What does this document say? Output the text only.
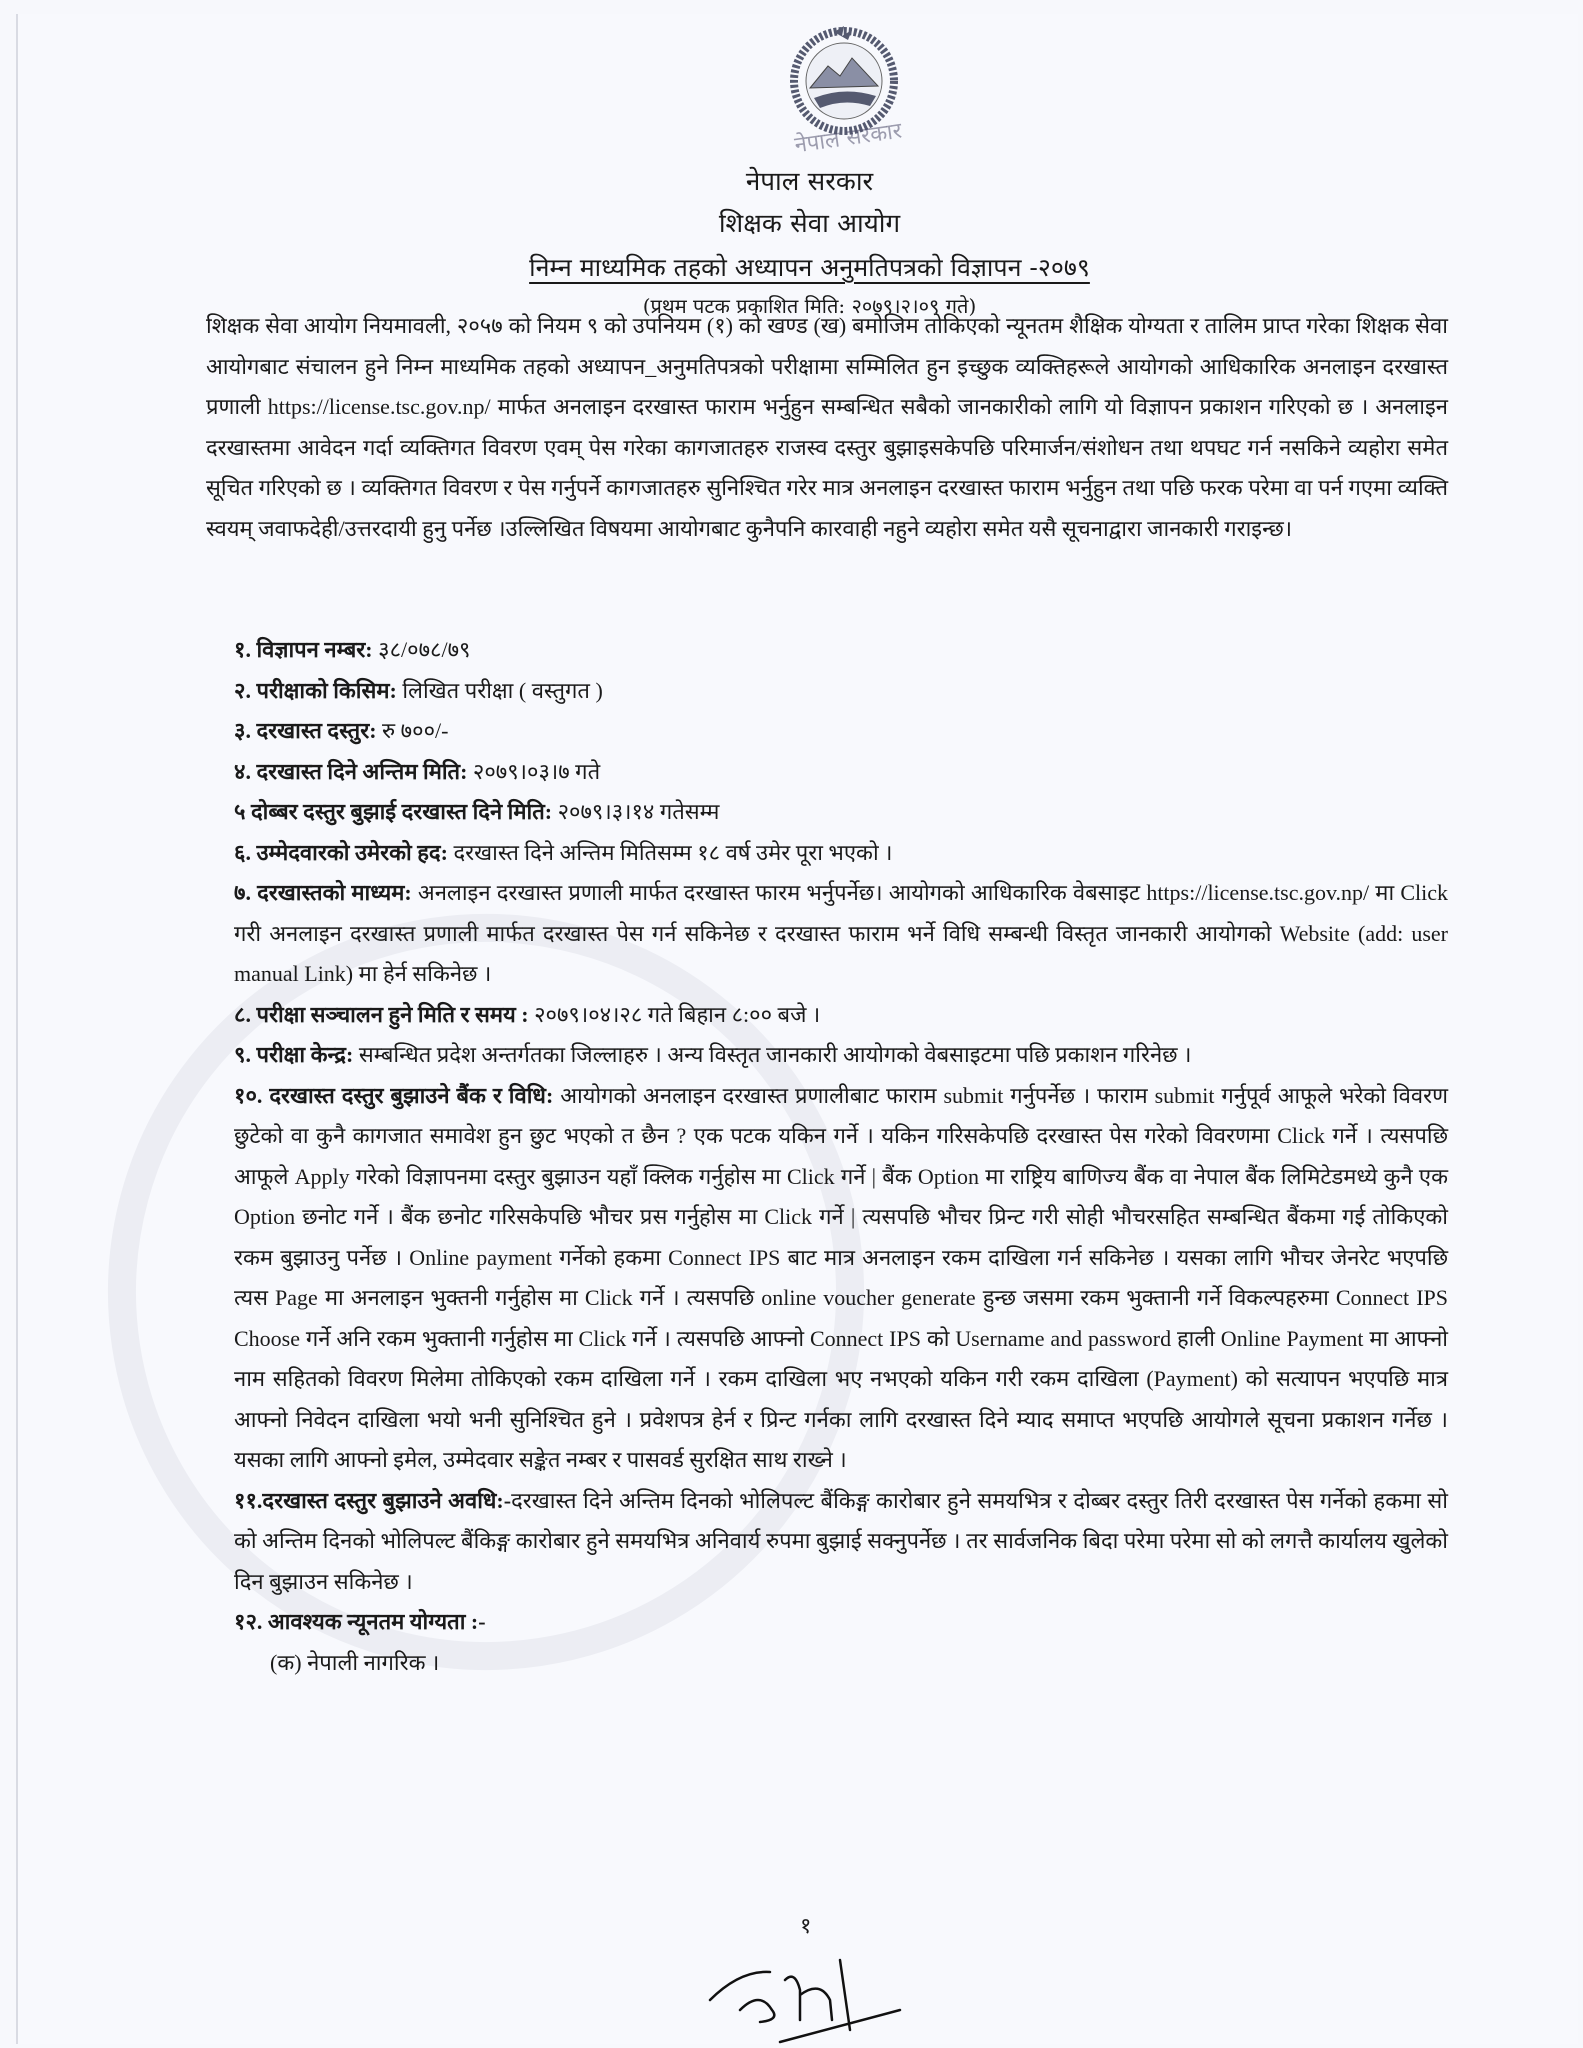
नेपाल सरकार
नेपाल सरकार
शिक्षक सेवा आयोग
निम्न माध्यमिक तहको अध्यापन अनुमतिपत्रको विज्ञापन -२०७९
(प्रथम पटक प्रकाशित मिति: २०७९।२।०९ गते)
शिक्षक सेवा आयोग नियमावली, २०५७ को नियम ९ को उपनियम (१) को खण्ड (ख) बमोजिम तोकिएको न्यूनतम शैक्षिक योग्यता र तालिम प्राप्त गरेका शिक्षक सेवा आयोगबाट संचालन हुने निम्न माध्यमिक तहको अध्यापन_अनुमतिपत्रको परीक्षामा सम्मिलित हुन इच्छुक व्यक्तिहरूले आयोगको आधिकारिक अनलाइन दरखास्त प्रणाली https://license.tsc.gov.np/ मार्फत अनलाइन दरखास्त फाराम भर्नुहुन सम्बन्धित सबैको जानकारीको लागि यो विज्ञापन प्रकाशन गरिएको छ । अनलाइन दरखास्तमा आवेदन गर्दा व्यक्तिगत विवरण एवम् पेस गरेका कागजातहरु राजस्व दस्तुर बुझाइसकेपछि परिमार्जन/संशोधन तथा थपघट गर्न नसकिने व्यहोरा समेत सूचित गरिएको छ । व्यक्तिगत विवरण र पेस गर्नुपर्ने कागजातहरु सुनिश्चित गरेर मात्र अनलाइन दरखास्त फाराम भर्नुहुन तथा पछि फरक परेमा वा पर्न गएमा व्यक्ति स्वयम् जवाफदेही/उत्तरदायी हुनु पर्नेछ ।उल्लिखित विषयमा आयोगबाट कुनैपनि कारवाही नहुने व्यहोरा समेत यसै सूचनाद्वारा जानकारी गराइन्छ।
१. विज्ञापन नम्बर: ३८/०७८/७९
२. परीक्षाको किसिम: लिखित परीक्षा ( वस्तुगत )
३. दरखास्त दस्तुर: रु ७००/-
४. दरखास्त दिने अन्तिम मिति: २०७९।०३।७ गते
५ दोब्बर दस्तुर बुझाई दरखास्त दिने मिति: २०७९।३।१४ गतेसम्म
६. उम्मेदवारको उमेरको हद: दरखास्त दिने अन्तिम मितिसम्म १८ वर्ष उमेर पूरा भएको ।
७. दरखास्तको माध्यम: अनलाइन दरखास्त प्रणाली मार्फत दरखास्त फारम भर्नुपर्नेछ। आयोगको आधिकारिक वेबसाइट https://license.tsc.gov.np/ मा Click गरी अनलाइन दरखास्त प्रणाली मार्फत दरखास्त पेस गर्न सकिनेछ र दरखास्त फाराम भर्ने विधि सम्बन्धी विस्तृत जानकारी आयोगको Website (add: user manual Link) मा हेर्न सकिनेछ ।
८. परीक्षा सञ्चालन हुने मिति र समय : २०७९।०४।२८ गते बिहान ८:०० बजे ।
९. परीक्षा केन्द्र: सम्बन्धित प्रदेश अन्तर्गतका जिल्लाहरु । अन्य विस्तृत जानकारी आयोगको वेबसाइटमा पछि प्रकाशन गरिनेछ ।
१०. दरखास्त दस्तुर बुझाउने बैंक र विधि: आयोगको अनलाइन दरखास्त प्रणालीबाट फाराम submit गर्नुपर्नेछ । फाराम submit गर्नुपूर्व आफूले भरेको विवरण छुटेको वा कुनै कागजात समावेश हुन छुट भएको त छैन ? एक पटक यकिन गर्ने । यकिन गरिसकेपछि दरखास्त पेस गरेको विवरणमा Click गर्ने । त्यसपछि आफूले Apply गरेको विज्ञापनमा दस्तुर बुझाउन यहाँ क्लिक गर्नुहोस मा Click गर्ने | बैंक Option मा राष्ट्रिय बाणिज्य बैंक वा नेपाल बैंक लिमिटेडमध्ये कुनै एक Option छनोट गर्ने । बैंक छनोट गरिसकेपछि भौचर प्रस गर्नुहोस मा Click गर्ने | त्यसपछि भौचर प्रिन्ट गरी सोही भौचरसहित सम्बन्धित बैंकमा गई तोकिएको रकम बुझाउनु पर्नेछ । Online payment गर्नेको हकमा Connect IPS बाट मात्र अनलाइन रकम दाखिला गर्न सकिनेछ । यसका लागि भौचर जेनरेट भएपछि त्यस Page मा अनलाइन भुक्तनी गर्नुहोस मा Click गर्ने । त्यसपछि online voucher generate हुन्छ जसमा रकम भुक्तानी गर्ने विकल्पहरुमा Connect IPS Choose गर्ने अनि रकम भुक्तानी गर्नुहोस मा Click गर्ने । त्यसपछि आफ्नो Connect IPS को Username and password हाली Online Payment मा आफ्नो नाम सहितको विवरण मिलेमा तोकिएको रकम दाखिला गर्ने । रकम दाखिला भए नभएको यकिन गरी रकम दाखिला (Payment) को सत्यापन भएपछि मात्र आफ्नो निवेदन दाखिला भयो भनी सुनिश्चित हुने । प्रवेशपत्र हेर्न र प्रिन्ट गर्नका लागि दरखास्त दिने म्याद समाप्त भएपछि आयोगले सूचना प्रकाशन गर्नेछ । यसका लागि आफ्नो इमेल, उम्मेदवार सङ्केत नम्बर र पासवर्ड सुरक्षित साथ राख्ने ।
११.दरखास्त दस्तुर बुझाउने अवधि:-दरखास्त दिने अन्तिम दिनको भोलिपल्ट बैंकिङ्ग कारोबार हुने समयभित्र र दोब्बर दस्तुर तिरी दरखास्त पेस गर्नेको हकमा सो को अन्तिम दिनको भोलिपल्ट बैंकिङ्ग कारोबार हुने समयभित्र अनिवार्य रुपमा बुझाई सक्नुपर्नेछ । तर सार्वजनिक बिदा परेमा परेमा सो को लगत्तै कार्यालय खुलेको दिन बुझाउन सकिनेछ ।
१२. आवश्यक न्यूनतम योग्यता :-
(क) नेपाली नागरिक ।
१
